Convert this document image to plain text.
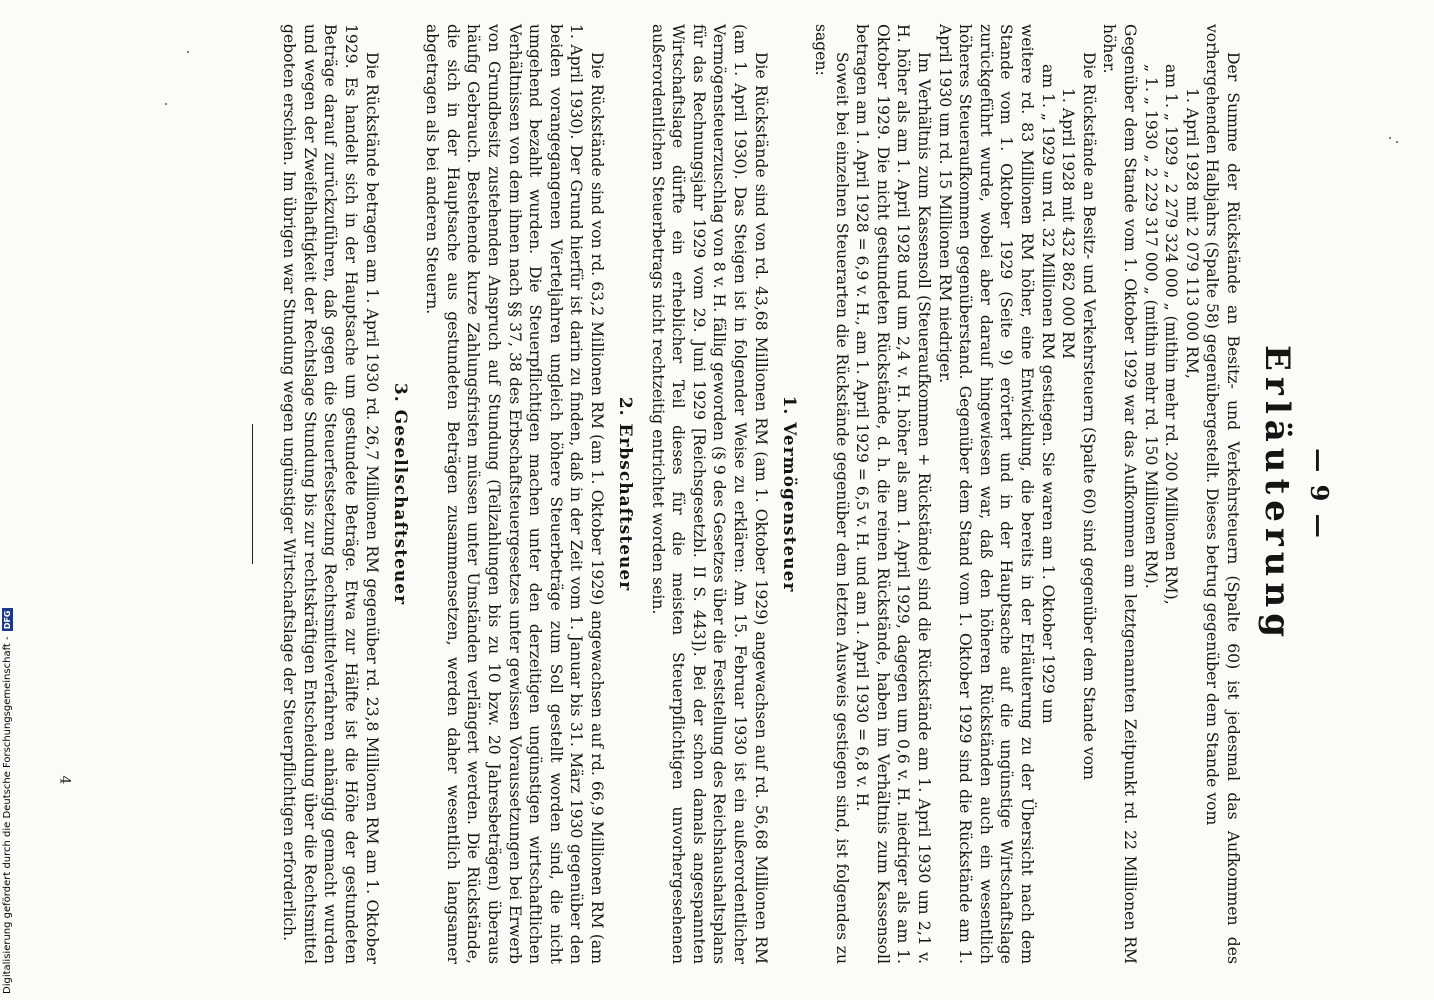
— 9 —
Erläuterung

Der Summe der Rückstände an Besitz- und Verkehrsteuern (Spalte 60) ist jedesmal das Aufkommen des vorhergehenden Halbjahrs (Spalte 58) gegenübergestellt. Dieses betrug gegenüber dem Stande vom

1. April 1928 mit 2 079 113 000 RM,
am 1. „ 1929 „ 2 279 324 000 „ (mithin mehr rd. 200 Millionen RM),
„ 1. „ 1930 „ 2 229 317 000 „ (mithin mehr rd. 150 Millionen RM).

Gegenüber dem Stande vom 1. Oktober 1929 war das Aufkommen am letztgenannten Zeitpunkt rd. 22 Millionen RM höher.

Die Rückstände an Besitz- und Verkehrsteuern (Spalte 60) sind gegenüber dem Stande vom

1. April 1928 mit 432 862 000 RM
am 1. „ 1929 um rd. 32 Millionen RM gestiegen. Sie waren am 1. Oktober 1929 um

weitere rd. 83 Millionen RM höher, eine Entwicklung, die bereits in der Erläuterung zu der Übersicht nach dem Stande vom 1. Oktober 1929 (Seite 9) erörtert und in der Hauptsache auf die ungünstige Wirtschaftslage zurückgeführt wurde, wobei aber darauf hingewiesen war, daß den höheren Rückständen auch ein wesentlich höheres Steueraufkommen gegenüberstand. Gegenüber dem Stand vom 1. Oktober 1929 sind die Rückstände am 1. April 1930 um rd. 15 Millionen RM niedriger.

Im Verhältnis zum Kassensoll (Steueraufkommen + Rückstände) sind die Rückstände am 1. April 1930 um 2,1 v. H. höher als am 1. April 1928 und um 2,4 v. H. höher als am 1. April 1929, dagegen um 0,6 v. H. niedriger als am 1. Oktober 1929. Die nicht gestundeten Rückstände, d. h. die reinen Rückstände, haben im Verhältnis zum Kassensoll betragen am 1. April 1928 = 6,9 v. H., am 1. April 1929 = 6,5 v. H. und am 1. April 1930 = 6,8 v. H.

Soweit bei einzelnen Steuerarten die Rückstände gegenüber dem letzten Ausweis gestiegen sind, ist folgendes zu sagen:

1. Vermögensteuer

Die Rückstände sind von rd. 43,68 Millionen RM (am 1. Oktober 1929) angewachsen auf rd. 56,68 Millionen RM (am 1. April 1930). Das Steigen ist in folgender Weise zu erklären: Am 15. Februar 1930 ist ein außerordentlicher Vermögensteuerzuschlag von 8 v. H. fällig geworden (§ 9 des Gesetzes über die Feststellung des Reichshaushaltsplans für das Rechnungsjahr 1929 vom 29. Juni 1929 [Reichsgesetzbl. II S. 443]). Bei der schon damals angespannten Wirtschaftslage dürfte ein erheblicher Teil dieses für die meisten Steuerpflichtigen unvorhergesehenen außerordentlichen Steuerbetrags nicht rechtzeitig entrichtet worden sein.

2. Erbschaftsteuer

Die Rückstände sind von rd. 63,2 Millionen RM (am 1. Oktober 1929) angewachsen auf rd. 66,9 Millionen RM (am 1. April 1930). Der Grund hierfür ist darin zu finden, daß in der Zeit vom 1. Januar bis 31. März 1930 gegenüber den beiden vorangegangenen Vierteljahren ungleich höhere Steuerbeträge zum Soll gestellt worden sind, die nicht umgehend bezahlt wurden. Die Steuerpflichtigen machen unter den derzeitigen ungünstigen wirtschaftlichen Verhältnissen von dem ihnen nach §§ 37, 38 des Erbschaftsteuergesetzes unter gewissen Voraussetzungen bei Erwerb von Grundbesitz zustehenden Anspruch auf Stundung (Teilzahlungen bis zu 10 bzw. 20 Jahresbeträgen) überaus häufig Gebrauch. Bestehende kurze Zahlungsfristen müssen unter Umständen verlängert werden. Die Rückstände, die sich in der Hauptsache aus gestundeten Beträgen zusammensetzen, werden daher wesentlich langsamer abgetragen als bei anderen Steuern.

3. Gesellschaftsteuer

Die Rückstände betragen am 1. April 1930 rd. 26,7 Millionen RM gegenüber rd. 23,8 Millionen RM am 1. Oktober 1929. Es handelt sich in der Hauptsache um gestundete Beträge. Etwa zur Hälfte ist die Höhe der gestundeten Beträge darauf zurückzuführen, daß gegen die Steuerfestsetzung Rechtsmittelverfahren anhängig gemacht wurden und wegen der Zweifelhaftigkeit der Rechtslage Stundung bis zur rechtskräftigen Entscheidung über die Rechtsmittel geboten erschien. Im übrigen war Stundung wegen ungünstiger Wirtschaftslage der Steuerpflichtigen erforderlich.

4
Digitalisierung gefördert durch die Deutsche Forschungsgemeinschaft - DFG
